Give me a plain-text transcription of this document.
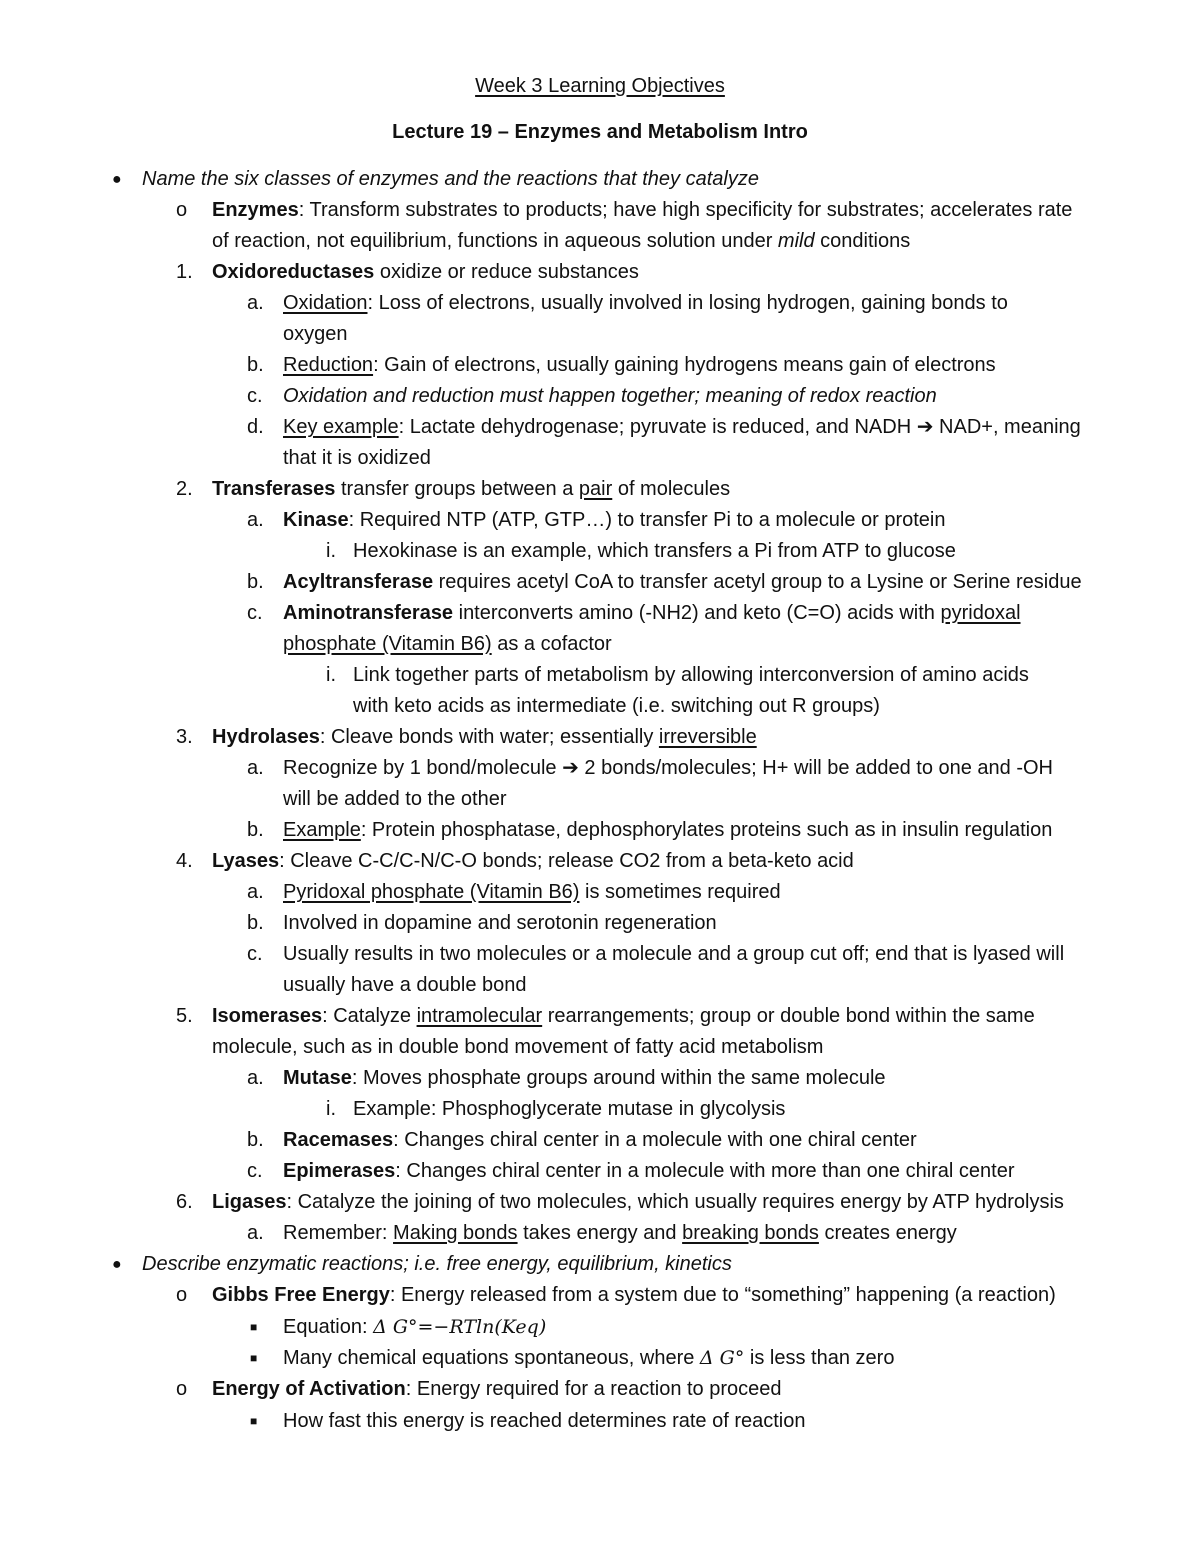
Week 3 Learning Objectives
Lecture 19 – Enzymes and Metabolism Intro
● Name the six classes of enzymes and the reactions that they catalyze
o Enzymes: Transform substrates to products; have high specificity for substrates; accelerates rate
of reaction, not equilibrium, functions in aqueous solution under mild conditions
1. Oxidoreductases oxidize or reduce substances
a. Oxidation: Loss of electrons, usually involved in losing hydrogen, gaining bonds to
oxygen
b. Reduction: Gain of electrons, usually gaining hydrogens means gain of electrons
c. Oxidation and reduction must happen together; meaning of redox reaction
d. Key example: Lactate dehydrogenase; pyruvate is reduced, and NADH ➔ NAD+, meaning
that it is oxidized
2. Transferases transfer groups between a pair of molecules
a. Kinase: Required NTP (ATP, GTP…) to transfer Pi to a molecule or protein
i. Hexokinase is an example, which transfers a Pi from ATP to glucose
b. Acyltransferase requires acetyl CoA to transfer acetyl group to a Lysine or Serine residue
c. Aminotransferase interconverts amino (-NH2) and keto (C=O) acids with pyridoxal
phosphate (Vitamin B6) as a cofactor
i. Link together parts of metabolism by allowing interconversion of amino acids
with keto acids as intermediate (i.e. switching out R groups)
3. Hydrolases: Cleave bonds with water; essentially irreversible
a. Recognize by 1 bond/molecule ➔ 2 bonds/molecules; H+ will be added to one and -OH
will be added to the other
b. Example: Protein phosphatase, dephosphorylates proteins such as in insulin regulation
4. Lyases: Cleave C-C/C-N/C-O bonds; release CO2 from a beta-keto acid
a. Pyridoxal phosphate (Vitamin B6) is sometimes required
b. Involved in dopamine and serotonin regeneration
c. Usually results in two molecules or a molecule and a group cut off; end that is lyased will
usually have a double bond
5. Isomerases: Catalyze intramolecular rearrangements; group or double bond within the same
molecule, such as in double bond movement of fatty acid metabolism
a. Mutase: Moves phosphate groups around within the same molecule
i. Example: Phosphoglycerate mutase in glycolysis
b. Racemases: Changes chiral center in a molecule with one chiral center
c. Epimerases: Changes chiral center in a molecule with more than one chiral center
6. Ligases: Catalyze the joining of two molecules, which usually requires energy by ATP hydrolysis
a. Remember: Making bonds takes energy and breaking bonds creates energy
● Describe enzymatic reactions; i.e. free energy, equilibrium, kinetics
o Gibbs Free Energy: Energy released from a system due to “something” happening (a reaction)
■ Equation: Δ G°=−RTln(Keq)
■ Many chemical equations spontaneous, where Δ G° is less than zero
o Energy of Activation: Energy required for a reaction to proceed
■ How fast this energy is reached determines rate of reaction
